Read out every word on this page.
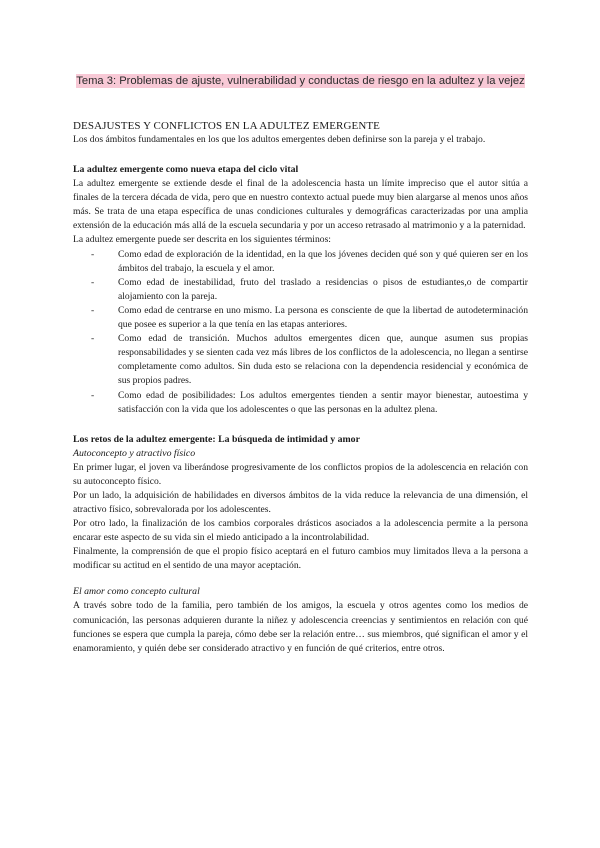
Tema 3: Problemas de ajuste, vulnerabilidad y conductas de riesgo en la adultez y la vejez
DESAJUSTES Y CONFLICTOS EN LA ADULTEZ EMERGENTE

Los dos ámbitos fundamentales en los que los adultos emergentes deben definirse son la pareja y el trabajo.

La adultez emergente como nueva etapa del ciclo vital

La adultez emergente se extiende desde el final de la adolescencia hasta un límite impreciso que el autor sitúa a finales de la tercera década de vida, pero que en nuestro contexto actual puede muy bien alargarse al menos unos años más. Se trata de una etapa específica de unas condiciones culturales y demográficas caracterizadas por una amplia extensión de la educación más allá de la escuela secundaria y por un acceso retrasado al matrimonio y a la paternidad.

La adultez emergente puede ser descrita en los siguientes términos:

- Como edad de exploración de la identidad, en la que los jóvenes deciden qué son y qué quieren ser en los ámbitos del trabajo, la escuela y el amor.
- Como edad de inestabilidad, fruto del traslado a residencias o pisos de estudiantes,o de compartir alojamiento con la pareja.
- Como edad de centrarse en uno mismo. La persona es consciente de que la libertad de autodeterminación que posee es superior a la que tenía en las etapas anteriores.
- Como edad de transición. Muchos adultos emergentes dicen que, aunque asumen sus propias responsabilidades y se sienten cada vez más libres de los conflictos de la adolescencia, no llegan a sentirse completamente como adultos. Sin duda esto se relaciona con la dependencia residencial y económica de sus propios padres.
- Como edad de posibilidades: Los adultos emergentes tienden a sentir mayor bienestar, autoestima y satisfacción con la vida que los adolescentes o que las personas en la adultez plena.
Los retos de la adultez emergente: La búsqueda de intimidad y amor
Autoconcepto y atractivo físico

En primer lugar, el joven va liberándose progresivamente de los conflictos propios de la adolescencia en relación con su autoconcepto físico.

Por un lado, la adquisición de habilidades en diversos ámbitos de la vida reduce la relevancia de una dimensión, el atractivo físico, sobrevalorada por los adolescentes.

Por otro lado, la finalización de los cambios corporales drásticos asociados a la adolescencia permite a la persona encarar este aspecto de su vida sin el miedo anticipado a la incontrolabilidad.

Finalmente, la comprensión de que el propio físico aceptará en el futuro cambios muy limitados lleva a la persona a modificar su actitud en el sentido de una mayor aceptación.

El amor como concepto cultural

A través sobre todo de la familia, pero también de los amigos, la escuela y otros agentes como los medios de comunicación, las personas adquieren durante la niñez y adolescencia creencias y sentimientos en relación con qué funciones se espera que cumpla la pareja, cómo debe ser la relación entre… sus miembros, qué significan el amor y el enamoramiento, y quién debe ser considerado atractivo y en función de qué criterios, entre otros.
